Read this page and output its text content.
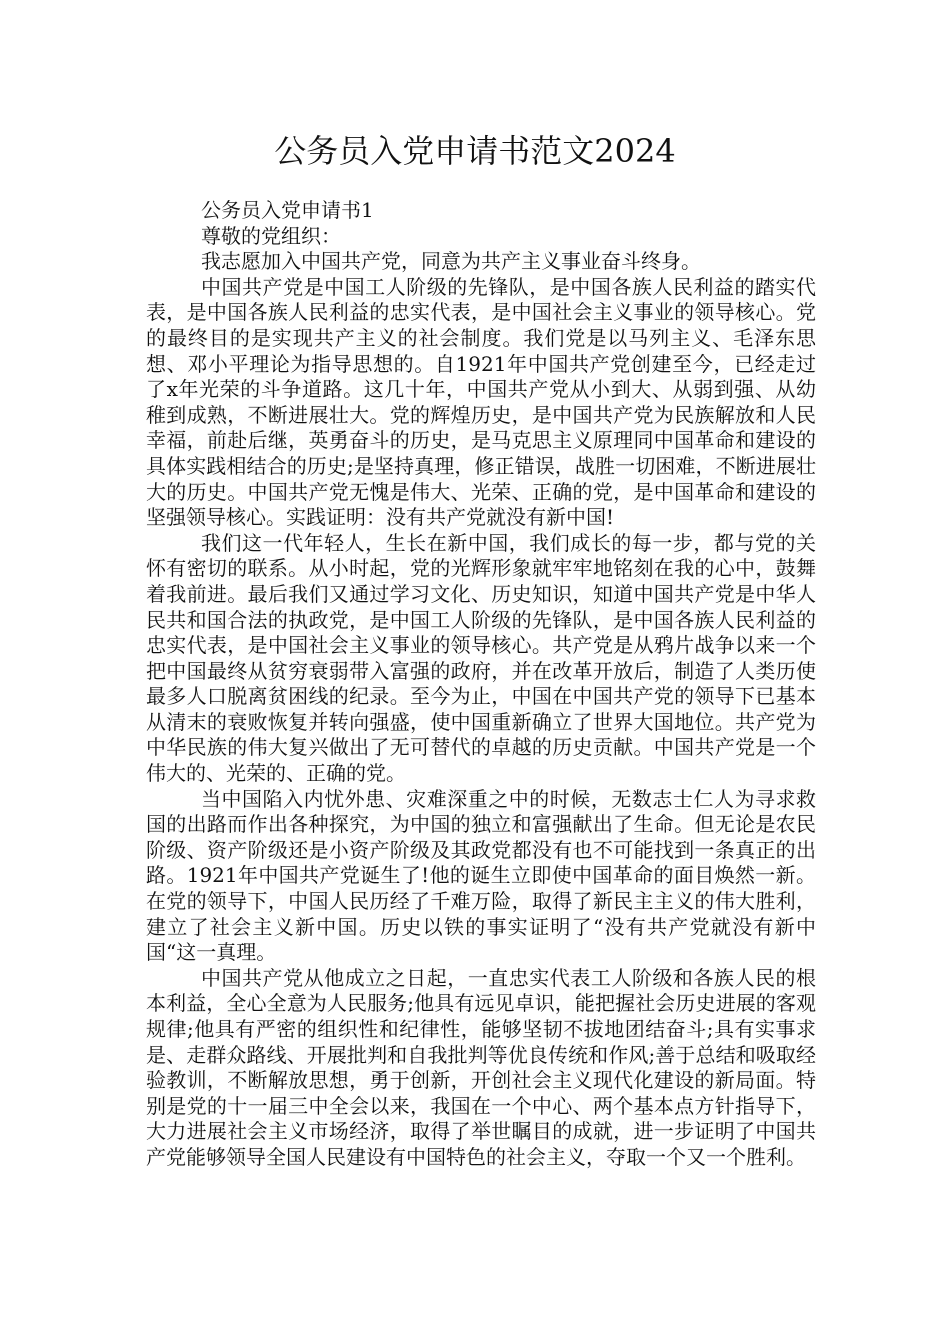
公务员入党申请书范文2024

公务员入党申请书1

尊敬的党组织：

我志愿加入中国共产党，同意为共产主义事业奋斗终身。

中国共产党是中国工人阶级的先锋队，是中国各族人民利益的踏实代表，是中国各族人民利益的忠实代表，是中国社会主义事业的领导核心。党的最终目的是实现共产主义的社会制度。我们党是以马列主义、毛泽东思想、邓小平理论为指导思想的。自1921年中国共产党创建至今，已经走过了x年光荣的斗争道路。这几十年，中国共产党从小到大、从弱到强、从幼稚到成熟，不断进展壮大。党的辉煌历史，是中国共产党为民族解放和人民幸福，前赴后继，英勇奋斗的历史，是马克思主义原理同中国革命和建设的具体实践相结合的历史;是坚持真理，修正错误，战胜一切困难，不断进展壮大的历史。中国共产党无愧是伟大、光荣、正确的党，是中国革命和建设的坚强领导核心。实践证明：没有共产党就没有新中国!

我们这一代年轻人，生长在新中国，我们成长的每一步，都与党的关怀有密切的联系。从小时起，党的光辉形象就牢牢地铭刻在我的心中，鼓舞着我前进。最后我们又通过学习文化、历史知识，知道中国共产党是中华人民共和国合法的执政党，是中国工人阶级的先锋队，是中国各族人民利益的忠实代表，是中国社会主义事业的领导核心。共产党是从鸦片战争以来一个把中国最终从贫穷衰弱带入富强的政府，并在改革开放后，制造了人类历使最多人口脱离贫困线的纪录。至今为止，中国在中国共产党的领导下已基本从清末的衰败恢复并转向强盛，使中国重新确立了世界大国地位。共产党为中华民族的伟大复兴做出了无可替代的卓越的历史贡献。中国共产党是一个伟大的、光荣的、正确的党。

当中国陷入内忧外患、灾难深重之中的时候，无数志士仁人为寻求救国的出路而作出各种探究，为中国的独立和富强献出了生命。但无论是农民阶级、资产阶级还是小资产阶级及其政党都没有也不可能找到一条真正的出路。1921年中国共产党诞生了!他的诞生立即使中国革命的面目焕然一新。在党的领导下，中国人民历经了千难万险，取得了新民主主义的伟大胜利，建立了社会主义新中国。历史以铁的事实证明了“没有共产党就没有新中国“这一真理。

中国共产党从他成立之日起，一直忠实代表工人阶级和各族人民的根本利益，全心全意为人民服务;他具有远见卓识，能把握社会历史进展的客观规律;他具有严密的组织性和纪律性，能够坚韧不拔地团结奋斗;具有实事求是、走群众路线、开展批判和自我批判等优良传统和作风;善于总结和吸取经验教训，不断解放思想，勇于创新，开创社会主义现代化建设的新局面。特别是党的十一届三中全会以来，我国在一个中心、两个基本点方针指导下，大力进展社会主义市场经济，取得了举世瞩目的成就，进一步证明了中国共产党能够领导全国人民建设有中国特色的社会主义，夺取一个又一个胜利。
